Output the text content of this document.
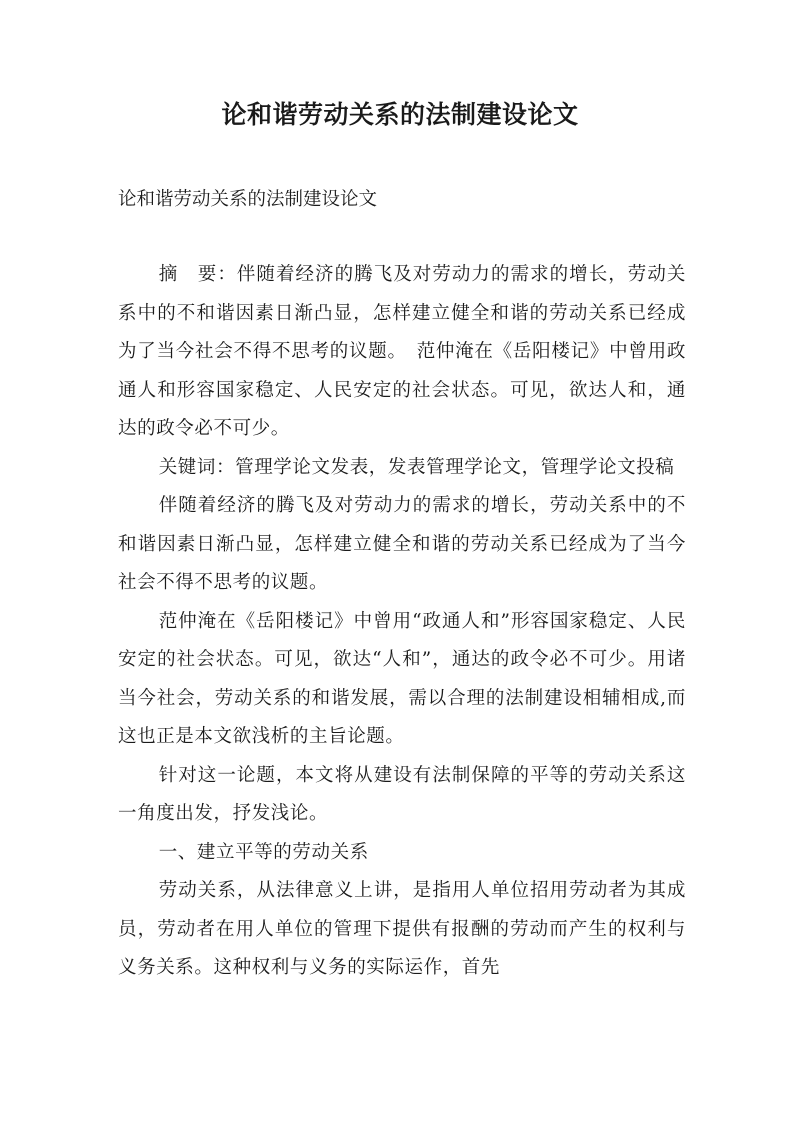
论和谐劳动关系的法制建设论文

论和谐劳动关系的法制建设论文

摘　要：伴随着经济的腾飞及对劳动力的需求的增长，劳动关系中的不和谐因素日渐凸显，怎样建立健全和谐的劳动关系已经成为了当今社会不得不思考的议题。　范仲淹在《岳阳楼记》中曾用政通人和形容国家稳定、人民安定的社会状态。可见，欲达人和，通达的政令必不可少。

关键词：管理学论文发表，发表管理学论文，管理学论文投稿

伴随着经济的腾飞及对劳动力的需求的增长，劳动关系中的不和谐因素日渐凸显，怎样建立健全和谐的劳动关系已经成为了当今社会不得不思考的议题。

范仲淹在《岳阳楼记》中曾用“政通人和”形容国家稳定、人民安定的社会状态。可见，欲达“人和”，通达的政令必不可少。用诸当今社会，劳动关系的和谐发展，需以合理的法制建设相辅相成,而这也正是本文欲浅析的主旨论题。

针对这一论题，本文将从建设有法制保障的平等的劳动关系这一角度出发，抒发浅论。

一、建立平等的劳动关系

劳动关系，从法律意义上讲，是指用人单位招用劳动者为其成员，劳动者在用人单位的管理下提供有报酬的劳动而产生的权利与义务关系。这种权利与义务的实际运作，首先
